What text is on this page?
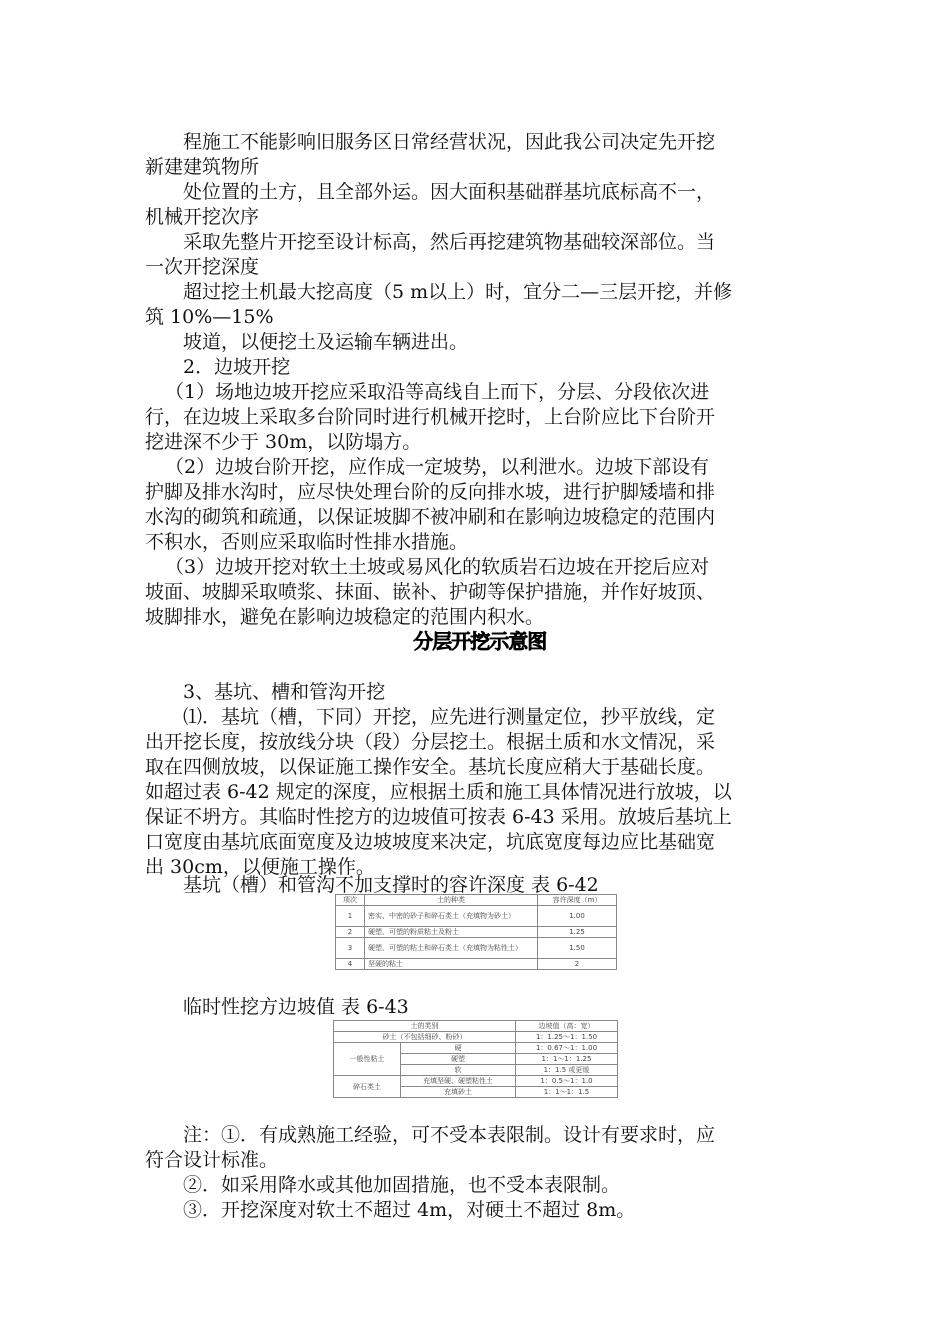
程施工不能影响旧服务区日常经营状况，因此我公司决定先开挖
新建建筑物所
处位置的土方，且全部外运。因大面积基础群基坑底标高不一，
机械开挖次序
采取先整片开挖至设计标高，然后再挖建筑物基础较深部位。当
一次开挖深度
超过挖土机最大挖高度（5 m以上）时，宜分二—三层开挖，并修
筑 10%—15%
坡道，以便挖土及运输车辆进出。
2．边坡开挖
（1）场地边坡开挖应采取沿等高线自上而下，分层、分段依次进
行，在边坡上采取多台阶同时进行机械开挖时，上台阶应比下台阶开
挖进深不少于 30m，以防塌方。
（2）边坡台阶开挖，应作成一定坡势，以利泄水。边坡下部设有
护脚及排水沟时，应尽快处理台阶的反向排水坡，进行护脚矮墙和排
水沟的砌筑和疏通，以保证坡脚不被冲刷和在影响边坡稳定的范围内
不积水，否则应采取临时性排水措施。
（3）边坡开挖对软土土坡或易风化的软质岩石边坡在开挖后应对
坡面、坡脚采取喷浆、抹面、嵌补、护砌等保护措施，并作好坡顶、
坡脚排水，避免在影响边坡稳定的范围内积水。
分层开挖示意图
3、基坑、槽和管沟开挖
⑴．基坑（槽，下同）开挖，应先进行测量定位，抄平放线，定
出开挖长度，按放线分块（段）分层挖土。根据土质和水文情况，采
取在四侧放坡，以保证施工操作安全。基坑长度应稍大于基础长度。
如超过表 6-42 规定的深度，应根据土质和施工具体情况进行放坡，以
保证不坍方。其临时性挖方的边坡值可按表 6-43 采用。放坡后基坑上
口宽度由基坑底面宽度及边坡坡度来决定，坑底宽度每边应比基础宽
出 30cm，以便施工操作。
基坑（槽）和管沟不加支撑时的容许深度 表 6-42
项次	土的种类	容许深度（m）
1	密实、中密的砂子和碎石类土（充填物为砂土）	1.00
2	硬塑、可塑的粉质粘土及粉土	1.25
3	硬塑、可塑的粘土和碎石类土（充填物为粘性土）	1.50
4	坚硬的粘土	2
临时性挖方边坡值 表 6-43
土的类别		边坡值（高：宽）
砂土（不包括细砂、粉砂）		1：1.25～1：1.50
一般性粘土	硬	1：0.67～1：1.00
	硬塑	1：1～1：1.25
	软	1：1.5 或更缓
碎石类土	充填坚硬、硬塑粘性土	1：0.5～1：1.0
	充填砂土	1：1～1：1.5
注：①．有成熟施工经验，可不受本表限制。设计有要求时，应
符合设计标准。
②．如采用降水或其他加固措施，也不受本表限制。
③．开挖深度对软土不超过 4m，对硬土不超过 8m。
